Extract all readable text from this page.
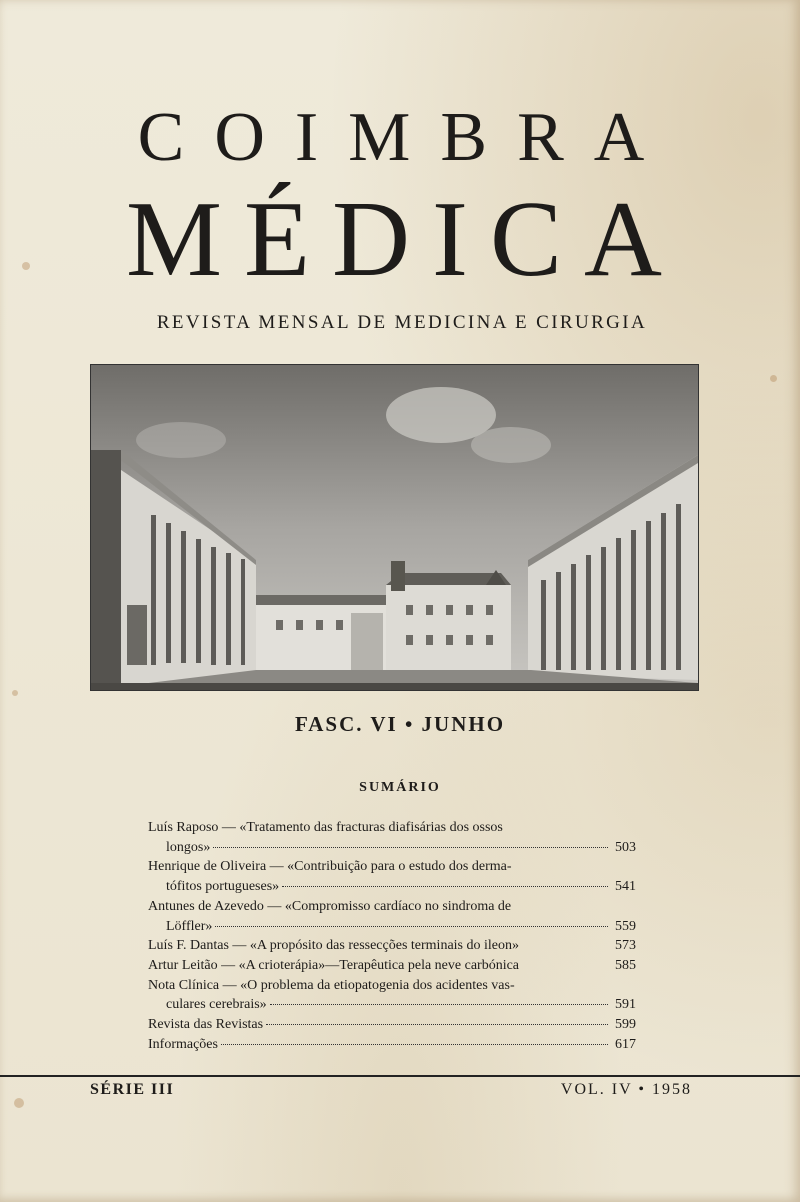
COIMBRA
MÉDICA
REVISTA MENSAL DE MEDICINA E CIRURGIA
FASC. VI • JUNHO
SUMÁRIO
Luís Raposo — «Tratamento das fracturas diafisárias dos ossos
longos»	503
Henrique de Oliveira — «Contribuição para o estudo dos derma-
tófitos portugueses»	541
Antunes de Azevedo — «Compromisso cardíaco no sindroma de
Löffler»	559
Luís F. Dantas — «A propósito das ressecções terminais do ileon»	573
Artur Leitão — «A crioterápia»—Terapêutica pela neve carbónica	585
Nota Clínica — «O problema da etiopatogenia dos acidentes vas-
culares cerebrais»	591
Revista das Revistas	599
Informações	617
SÉRIE III	VOL. IV • 1958
